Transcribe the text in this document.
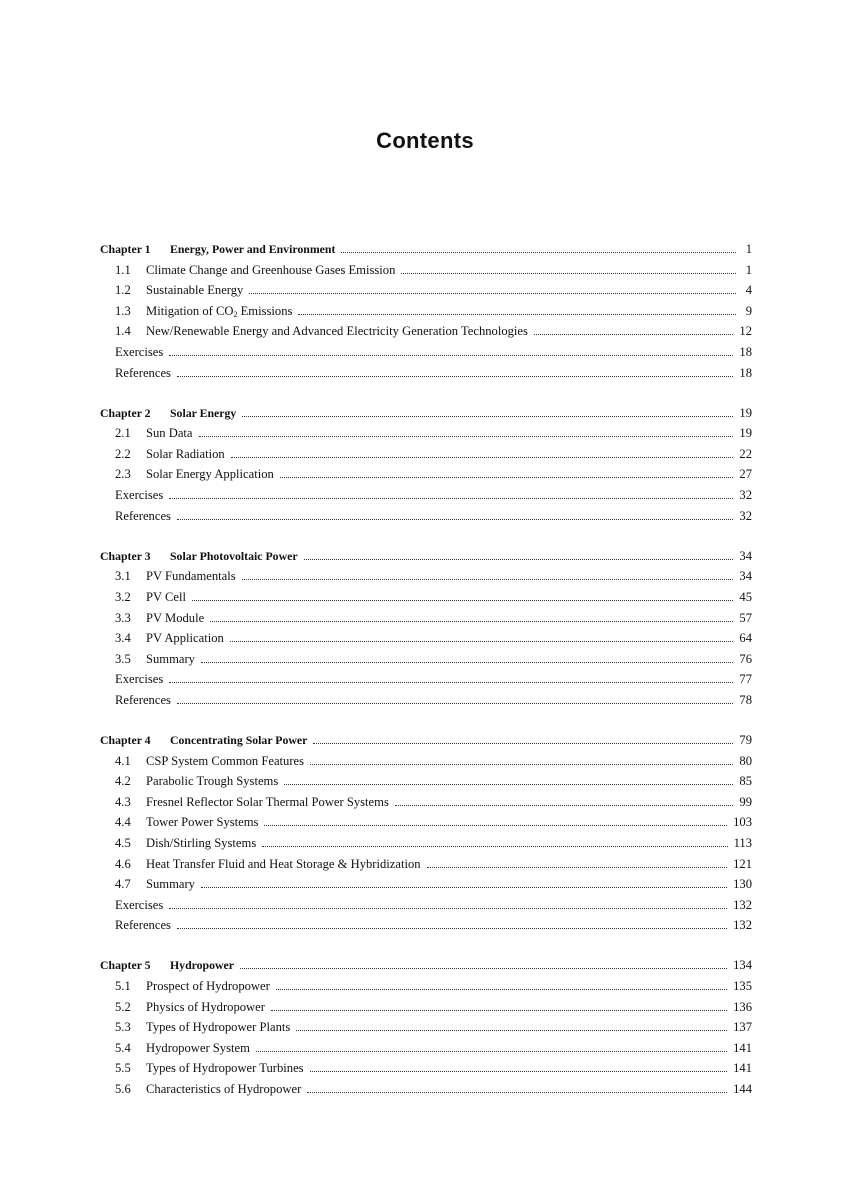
Contents
Chapter 1	Energy, Power and Environment	1
1.1	Climate Change and Greenhouse Gases Emission	1
1.2	Sustainable Energy	4
1.3	Mitigation of $CO_2$ Emissions	9
1.4	New/Renewable Energy and Advanced Electricity Generation Technologies	12
Exercises	18
References	18
Chapter 2	Solar Energy	19
2.1	Sun Data	19
2.2	Solar Radiation	22
2.3	Solar Energy Application	27
Exercises	32
References	32
Chapter 3	Solar Photovoltaic Power	34
3.1	PV Fundamentals	34
3.2	PV Cell	45
3.3	PV Module	57
3.4	PV Application	64
3.5	Summary	76
Exercises	77
References	78
Chapter 4	Concentrating Solar Power	79
4.1	CSP System Common Features	80
4.2	Parabolic Trough Systems	85
4.3	Fresnel Reflector Solar Thermal Power Systems	99
4.4	Tower Power Systems	103
4.5	Dish/Stirling Systems	113
4.6	Heat Transfer Fluid and Heat Storage & Hybridization	121
4.7	Summary	130
Exercises	132
References	132
Chapter 5	Hydropower	134
5.1	Prospect of Hydropower	135
5.2	Physics of Hydropower	136
5.3	Types of Hydropower Plants	137
5.4	Hydropower System	141
5.5	Types of Hydropower Turbines	141
5.6	Characteristics of Hydropower	144
